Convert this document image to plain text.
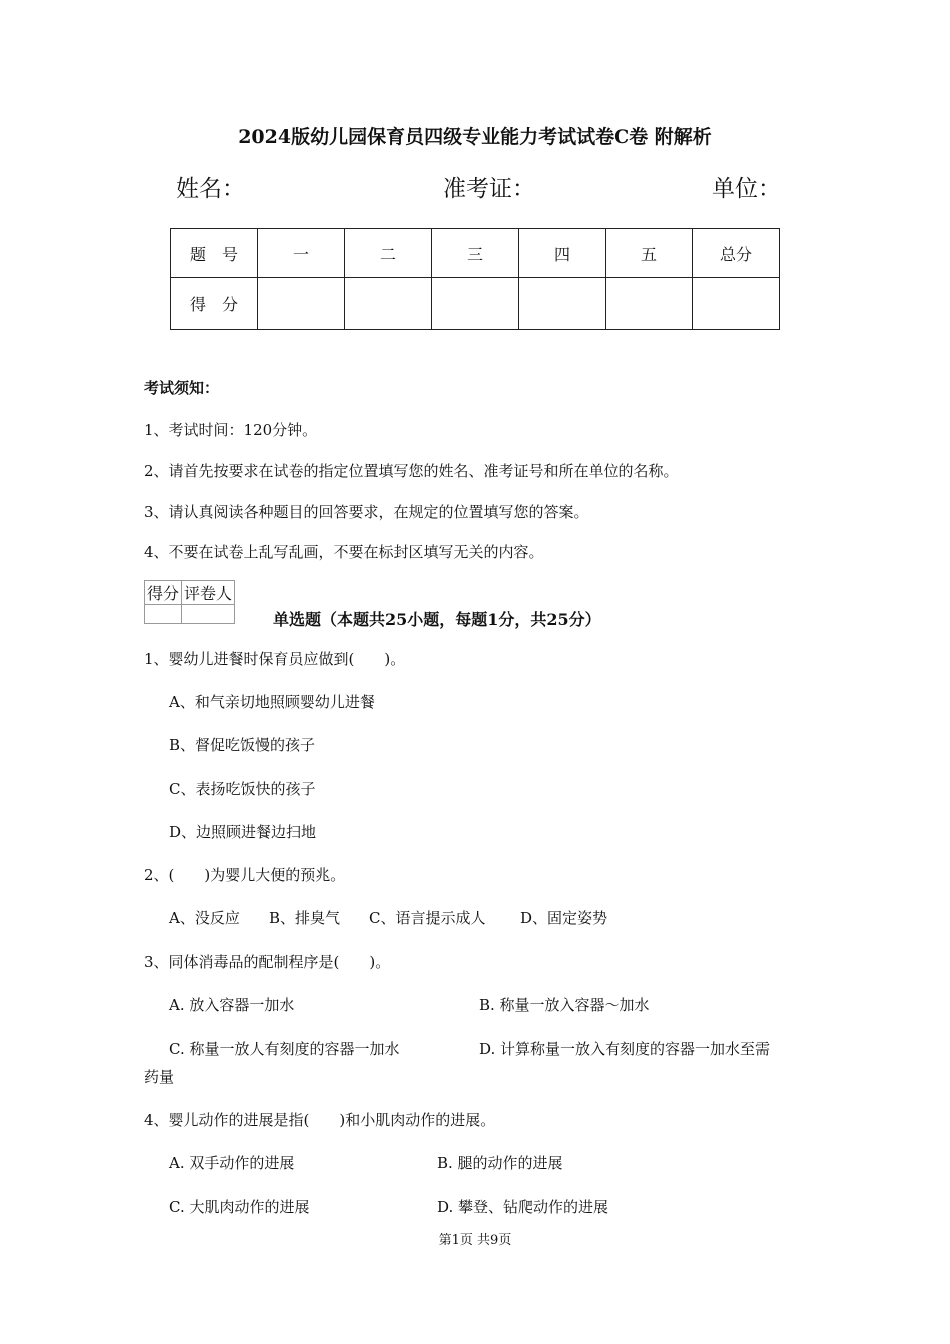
2024版幼儿园保育员四级专业能力考试试卷C卷 附解析
姓名：	准考证：	单位：
题　号	一	二	三	四	五	总分
得　分						
考试须知：
1、考试时间：120分钟。
2、请首先按要求在试卷的指定位置填写您的姓名、准考证号和所在单位的名称。
3、请认真阅读各种题目的回答要求，在规定的位置填写您的答案。
4、不要在试卷上乱写乱画，不要在标封区填写无关的内容。
得分	评卷人

单选题（本题共25小题，每题1分，共25分）
1、婴幼儿进餐时保育员应做到(　　)。
A、和气亲切地照顾婴幼儿进餐
B、督促吃饭慢的孩子
C、表扬吃饭快的孩子
D、边照顾进餐边扫地
2、(　　)为婴儿大便的预兆。
A、没反应 B、排臭气 C、语言提示成人 D、固定姿势
3、同体消毒品的配制程序是(　　)。
A. 放入容器一加水	B. 称量一放入容器～加水
C. 称量一放人有刻度的容器一加水	D. 计算称量一放入有刻度的容器一加水至需
药量
4、婴儿动作的进展是指(　　)和小肌肉动作的进展。
A. 双手动作的进展	B. 腿的动作的进展
C. 大肌肉动作的进展	D. 攀登、钻爬动作的进展
第1页 共9页
